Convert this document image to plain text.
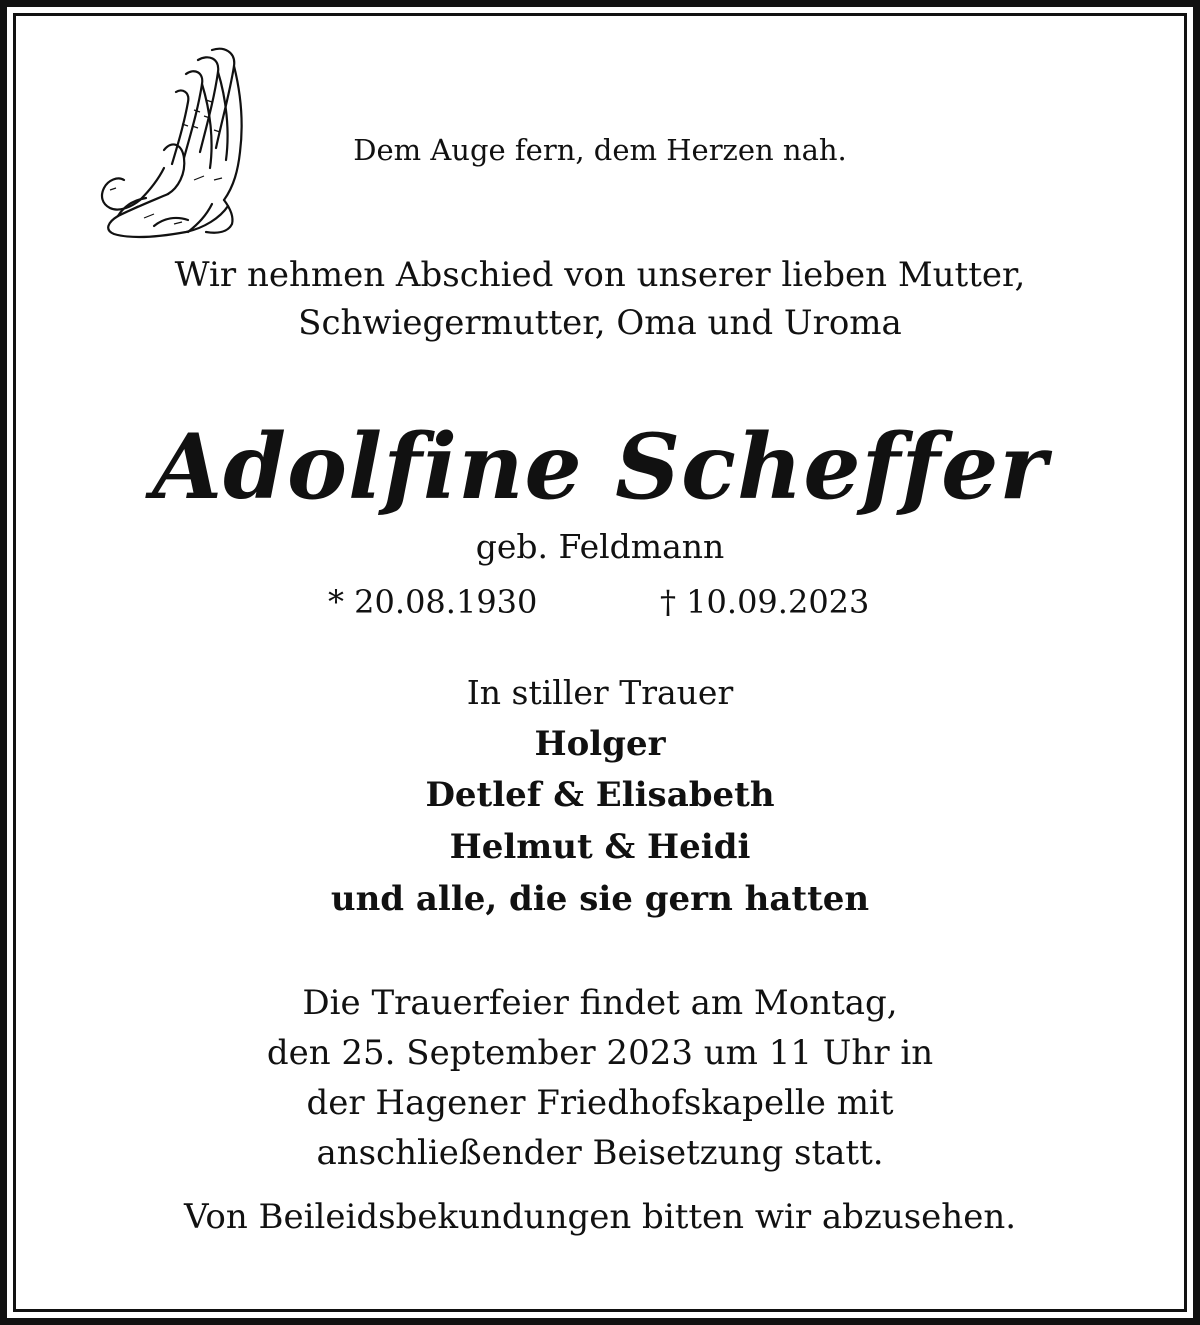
Dem Auge fern, dem Herzen nah.
Wir nehmen Abschied von unserer lieben Mutter,
Schwiegermutter, Oma und Uroma
Adolfine Scheffer
geb. Feldmann
* 20.08.1930	† 10.09.2023
In stiller Trauer
Holger
Detlef & Elisabeth
Helmut & Heidi
und alle, die sie gern hatten
Die Trauerfeier findet am Montag,
den 25. September 2023 um 11 Uhr in
der Hagener Friedhofskapelle mit
anschließender Beisetzung statt.
Von Beileidsbekundungen bitten wir abzusehen.
